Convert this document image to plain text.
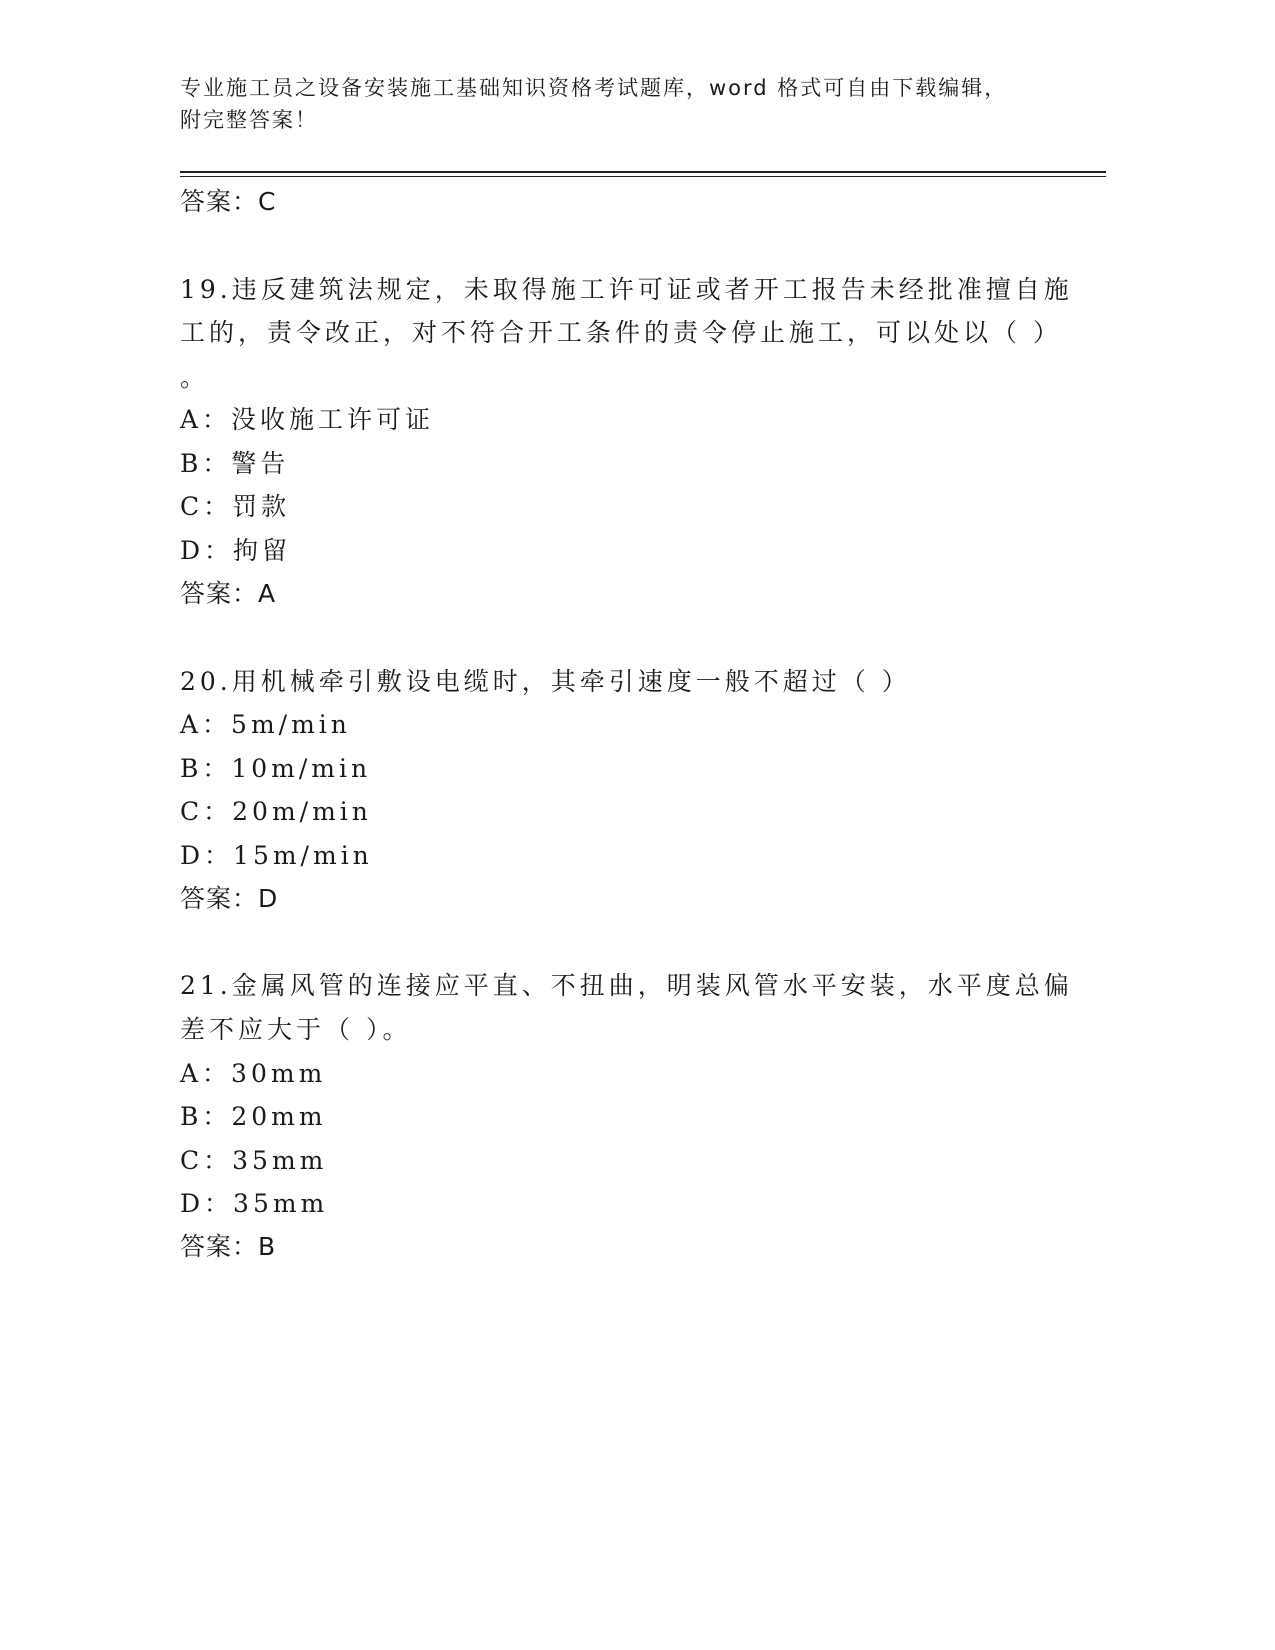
专业施工员之设备安装施工基础知识资格考试题库，word 格式可自由下载编辑，
附完整答案！
答案：C
19.违反建筑法规定，未取得施工许可证或者开工报告未经批准擅自施
工的，责令改正，对不符合开工条件的责令停止施工，可以处以（ ）
。
A：没收施工许可证
B：警告
C：罚款
D：拘留
答案：A
20.用机械牵引敷设电缆时，其牵引速度一般不超过（ ）
A：5m/min
B：10m/min
C：20m/min
D：15m/min
答案：D
21.金属风管的连接应平直、不扭曲，明装风管水平安装，水平度总偏
差不应大于（ ）。
A：30mm
B：20mm
C：35mm
D：35mm
答案：B
